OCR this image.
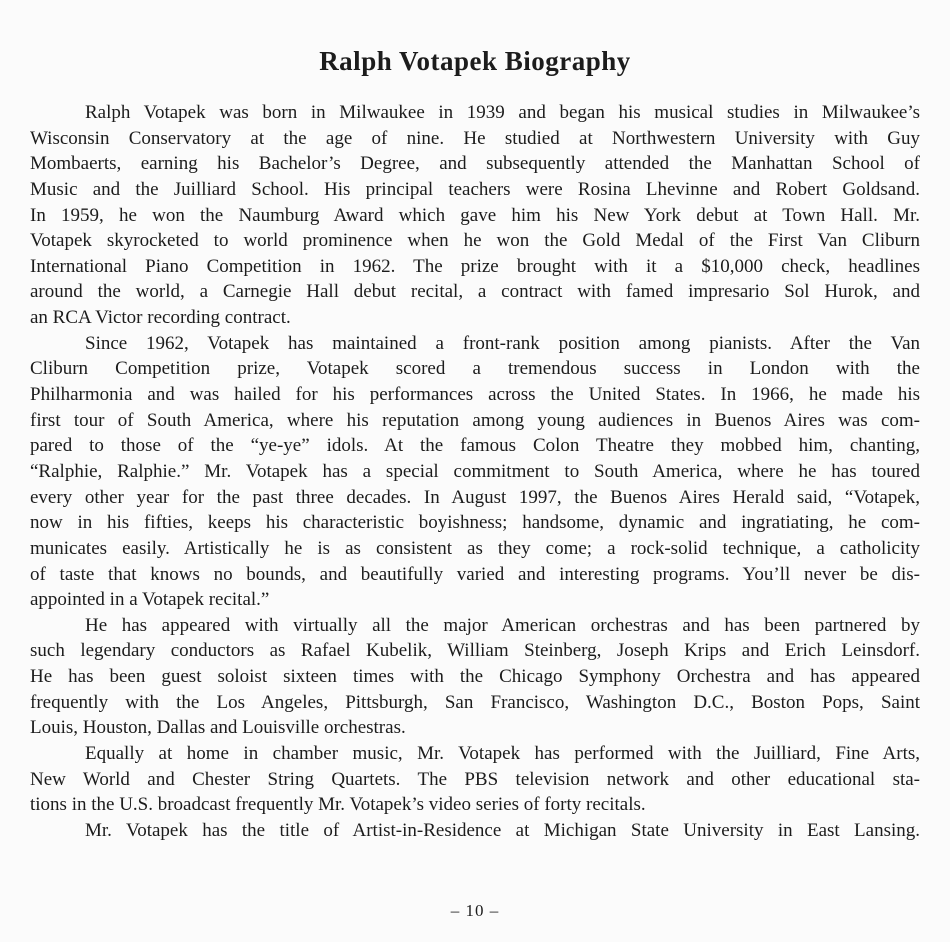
Ralph Votapek Biography
Ralph Votapek was born in Milwaukee in 1939 and began his musical studies in Milwaukee’s
Wisconsin Conservatory at the age of nine. He studied at Northwestern University with Guy
Mombaerts, earning his Bachelor’s Degree, and subsequently attended the Manhattan School of
Music and the Juilliard School. His principal teachers were Rosina Lhevinne and Robert Goldsand.
In 1959, he won the Naumburg Award which gave him his New York debut at Town Hall. Mr.
Votapek skyrocketed to world prominence when he won the Gold Medal of the First Van Cliburn
International Piano Competition in 1962. The prize brought with it a $10,000 check, headlines
around the world, a Carnegie Hall debut recital, a contract with famed impresario Sol Hurok, and
an RCA Victor recording contract.
Since 1962, Votapek has maintained a front-rank position among pianists. After the Van
Cliburn Competition prize, Votapek scored a tremendous success in London with the
Philharmonia and was hailed for his performances across the United States. In 1966, he made his
first tour of South America, where his reputation among young audiences in Buenos Aires was com-
pared to those of the “ye-ye” idols. At the famous Colon Theatre they mobbed him, chanting,
“Ralphie, Ralphie.” Mr. Votapek has a special commitment to South America, where he has toured
every other year for the past three decades. In August 1997, the Buenos Aires Herald said, “Votapek,
now in his fifties, keeps his characteristic boyishness; handsome, dynamic and ingratiating, he com-
municates easily. Artistically he is as consistent as they come; a rock-solid technique, a catholicity
of taste that knows no bounds, and beautifully varied and interesting programs. You’ll never be dis-
appointed in a Votapek recital.”
He has appeared with virtually all the major American orchestras and has been partnered by
such legendary conductors as Rafael Kubelik, William Steinberg, Joseph Krips and Erich Leinsdorf.
He has been guest soloist sixteen times with the Chicago Symphony Orchestra and has appeared
frequently with the Los Angeles, Pittsburgh, San Francisco, Washington D.C., Boston Pops, Saint
Louis, Houston, Dallas and Louisville orchestras.
Equally at home in chamber music, Mr. Votapek has performed with the Juilliard, Fine Arts,
New World and Chester String Quartets. The PBS television network and other educational sta-
tions in the U.S. broadcast frequently Mr. Votapek’s video series of forty recitals.
Mr. Votapek has the title of Artist-in-Residence at Michigan State University in East Lansing.
– 10 –
